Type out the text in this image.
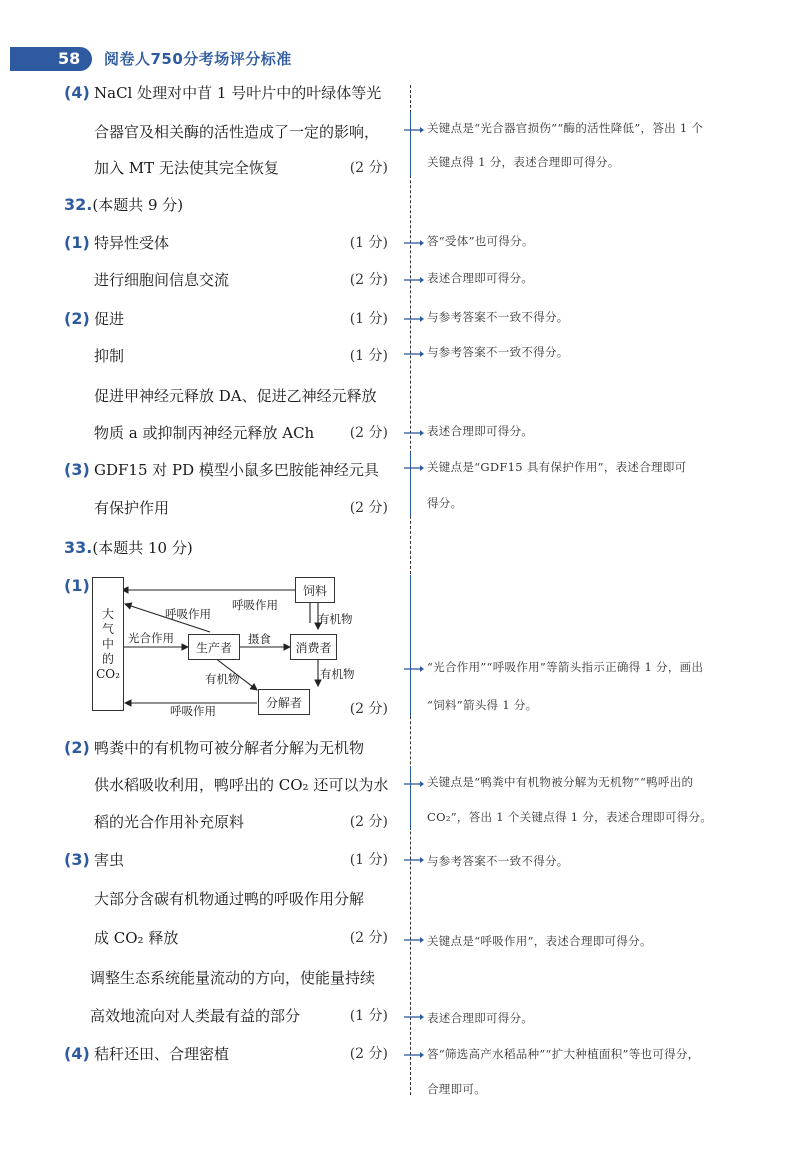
58 阅卷人750分考场评分标准
(4) NaCl 处理对中苜 1 号叶片中的叶绿体等光
合器官及相关酶的活性造成了一定的影响，
加入 MT 无法使其完全恢复	(2 分)
关键点是“光合器官损伤”“酶的活性降低”，答出 1 个
关键点得 1 分，表述合理即可得分。
32.(本题共 9 分)
(1) 特异性受体	(1 分)	答“受体”也可得分。
进行细胞间信息交流	(2 分)	表述合理即可得分。
(2) 促进	(1 分)	与参考答案不一致不得分。
抑制	(1 分)	与参考答案不一致不得分。
促进甲神经元释放 DA、促进乙神经元释放
物质 a 或抑制丙神经元释放 ACh	(2 分)	表述合理即可得分。
(3) GDF15 对 PD 模型小鼠多巴胺能神经元具
有保护作用	(2 分)
关键点是“GDF15 具有保护作用”，表述合理即可
得分。
33.(本题共 10 分)
(1)
大
气
中
的
CO₂
生产者	消费者
分解者
饲料
呼吸作用
呼吸作用
光合作用	摄食
有机物
有机物
有机物
呼吸作用	(2 分)
“光合作用”“呼吸作用”等箭头指示正确得 1 分，画出
“饲料”箭头得 1 分。
(2) 鸭粪中的有机物可被分解者分解为无机物
供水稻吸收利用，鸭呼出的 CO₂ 还可以为水
稻的光合作用补充原料	(2 分)
关键点是“鸭粪中有机物被分解为无机物”“鸭呼出的
CO₂”，答出 1 个关键点得 1 分，表述合理即可得分。
(3) 害虫	(1 分)	与参考答案不一致不得分。
大部分含碳有机物通过鸭的呼吸作用分解
成 CO₂ 释放	(2 分)	关键点是“呼吸作用”，表述合理即可得分。
调整生态系统能量流动的方向，使能量持续
高效地流向对人类最有益的部分	(1 分)	表述合理即可得分。
(4) 秸秆还田、合理密植	(2 分)	答“筛选高产水稻品种”“扩大种植面积”等也可得分，
合理即可。
